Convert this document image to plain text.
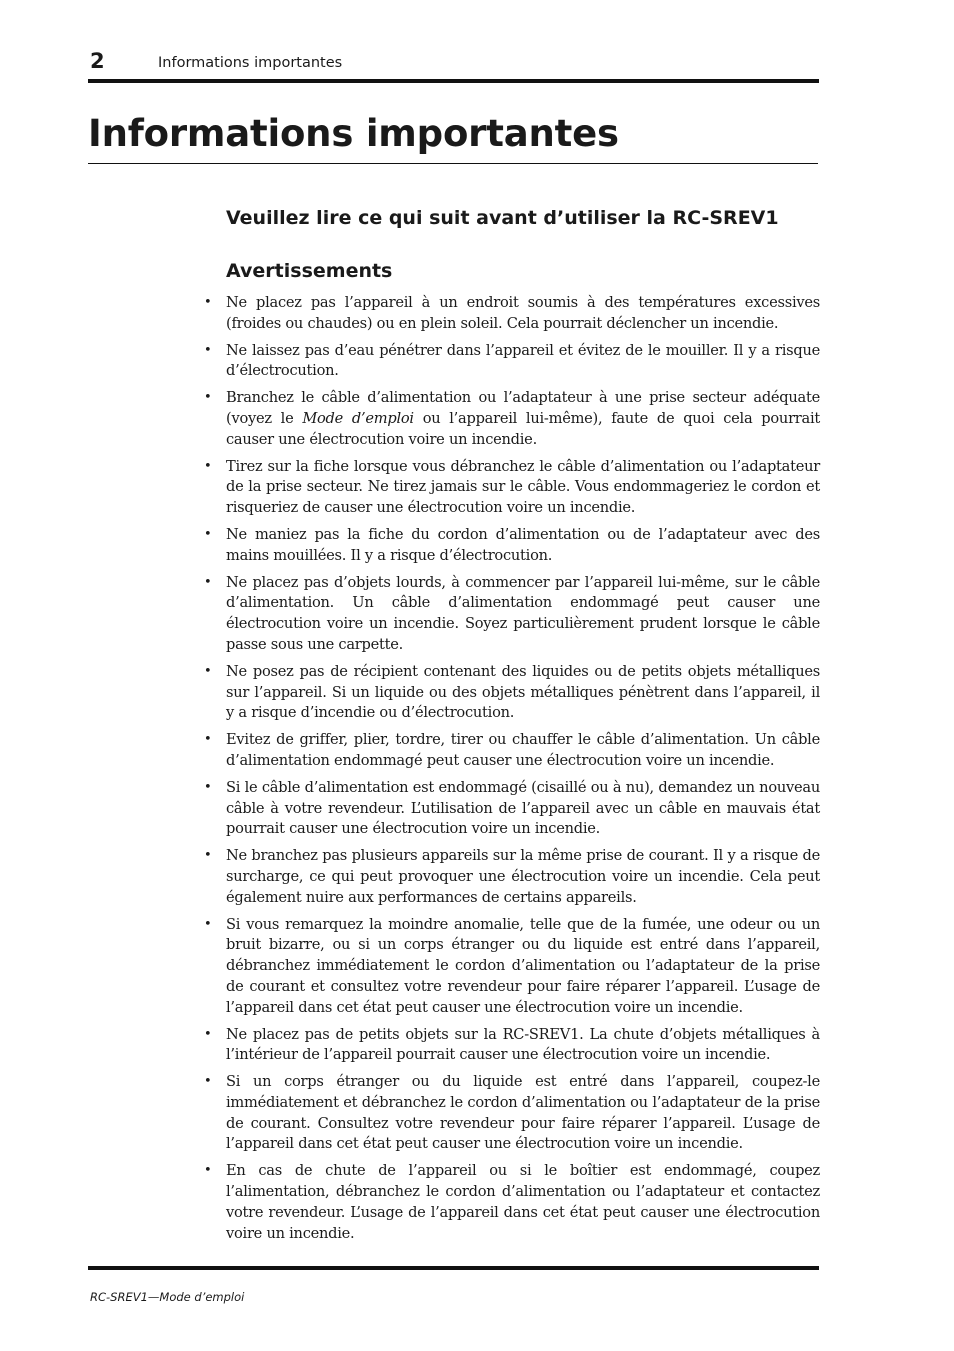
2	Informations importantes
Informations importantes
Veuillez lire ce qui suit avant d’utiliser la RC-SREV1
Avertissements
• Ne placez pas l’appareil à un endroit soumis à des températures excessives (froides ou chaudes) ou en plein soleil. Cela pourrait déclencher un incendie.
• Ne laissez pas d’eau pénétrer dans l’appareil et évitez de le mouiller. Il y a risque d’électrocution.
• Branchez le câble d’alimentation ou l’adaptateur à une prise secteur adéquate (voyez le Mode d’emploi ou l’appareil lui-même), faute de quoi cela pourrait causer une électrocution voire un incendie.
• Tirez sur la fiche lorsque vous débranchez le câble d’alimentation ou l’adaptateur de la prise secteur. Ne tirez jamais sur le câble. Vous endommageriez le cordon et risqueriez de causer une électrocution voire un incendie.
• Ne maniez pas la fiche du cordon d’alimentation ou de l’adaptateur avec des mains mouillées. Il y a risque d’électrocution.
• Ne placez pas d’objets lourds, à commencer par l’appareil lui-même, sur le câble d’alimentation. Un câble d’alimentation endommagé peut causer une électrocution voire un incendie. Soyez particulièrement prudent lorsque le câble passe sous une carpette.
• Ne posez pas de récipient contenant des liquides ou de petits objets métalliques sur l’appareil. Si un liquide ou des objets métalliques pénètrent dans l’appareil, il y a risque d’incendie ou d’électrocution.
• Evitez de griffer, plier, tordre, tirer ou chauffer le câble d’alimentation. Un câble d’alimentation endommagé peut causer une électrocution voire un incendie.
• Si le câble d’alimentation est endommagé (cisaillé ou à nu), demandez un nouveau câble à votre revendeur. L’utilisation de l’appareil avec un câble en mauvais état pourrait causer une électrocution voire un incendie.
• Ne branchez pas plusieurs appareils sur la même prise de courant. Il y a risque de surcharge, ce qui peut provoquer une électrocution voire un incendie. Cela peut également nuire aux performances de certains appareils.
• Si vous remarquez la moindre anomalie, telle que de la fumée, une odeur ou un bruit bizarre, ou si un corps étranger ou du liquide est entré dans l’appareil, débranchez immédiatement le cordon d’alimentation ou l’adaptateur de la prise de courant et consultez votre revendeur pour faire réparer l’appareil. L’usage de l’appareil dans cet état peut causer une électrocution voire un incendie.
• Ne placez pas de petits objets sur la RC-SREV1. La chute d’objets métalliques à l’intérieur de l’appareil pourrait causer une électrocution voire un incendie.
• Si un corps étranger ou du liquide est entré dans l’appareil, coupez-le immédiatement et débranchez le cordon d’alimentation ou l’adaptateur de la prise de courant. Consultez votre revendeur pour faire réparer l’appareil. L’usage de l’appareil dans cet état peut causer une électrocution voire un incendie.
• En cas de chute de l’appareil ou si le boîtier est endommagé, coupez l’alimentation, débranchez le cordon d’alimentation ou l’adaptateur et contactez votre revendeur. L’usage de l’appareil dans cet état peut causer une électrocution voire un incendie.
RC-SREV1—Mode d’emploi
